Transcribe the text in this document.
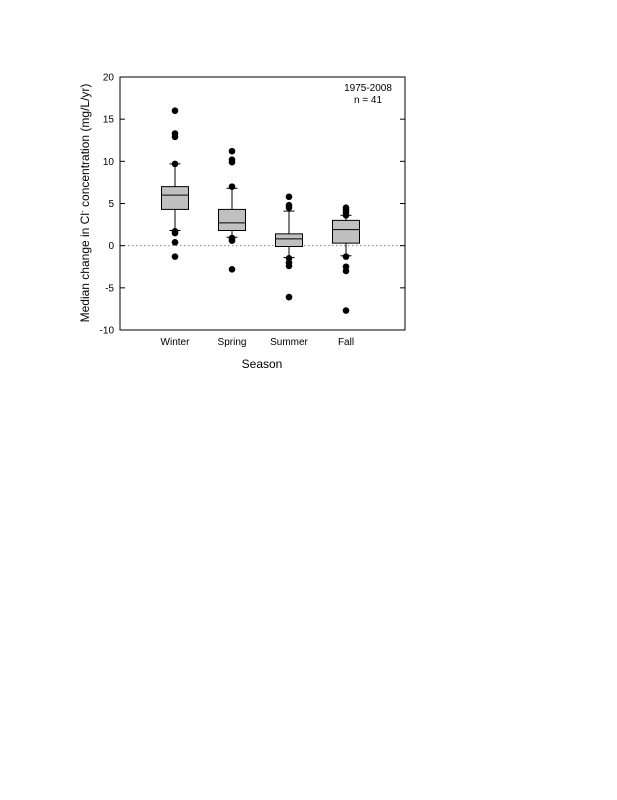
-10
-5
0
5
10
15
20
Winter	Spring Summer	Fall
1975-2008
n = 41
Season
Median change in Cl- concentration (mg/L/yr)
